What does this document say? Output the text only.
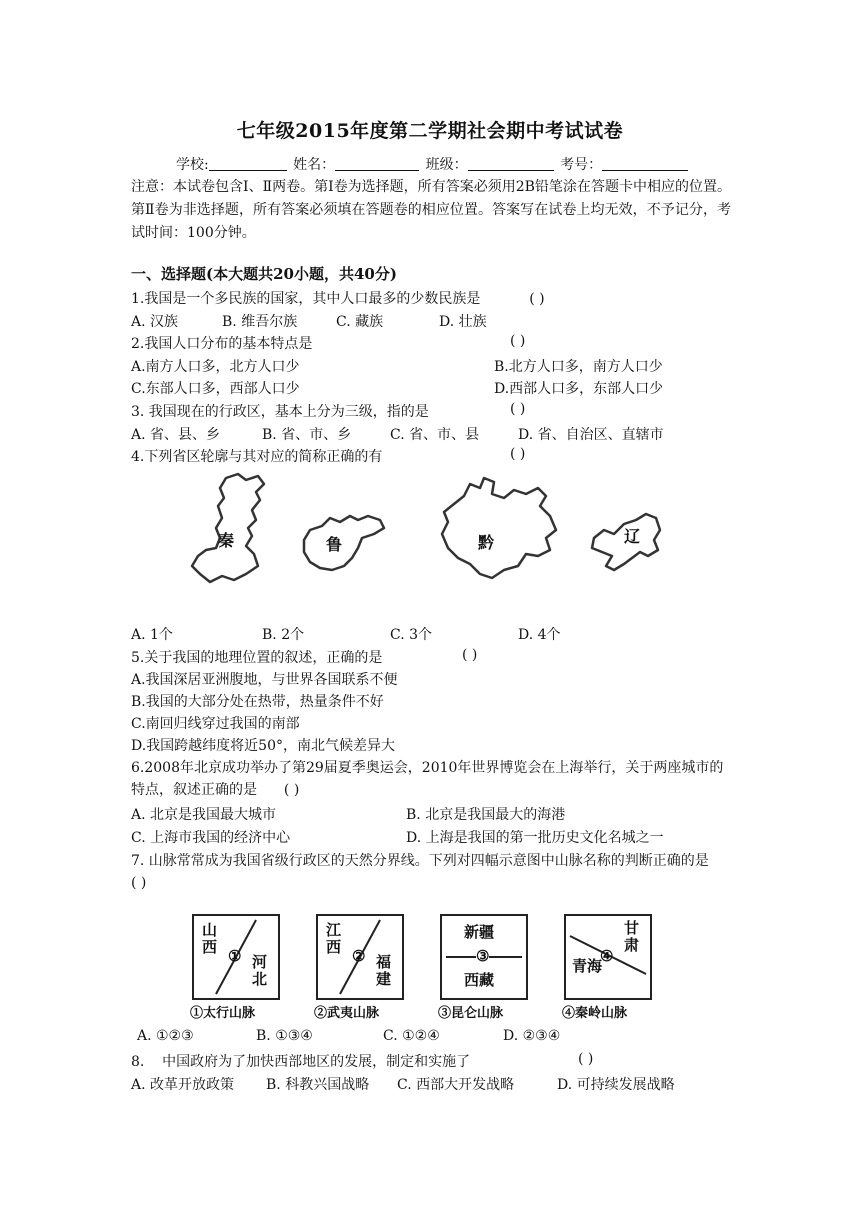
七年级2015年度第二学期社会期中考试试卷
学校:	姓名：	班级：	考号：
注意：本试卷包含Ⅰ、Ⅱ两卷。第Ⅰ卷为选择题，所有答案必须用2B铅笔涂在答题卡中相应的位置。第Ⅱ卷为非选择题，所有答案必须填在答题卷的相应位置。答案写在试卷上均无效，不予记分，考试时间：100分钟。
一、选择题(本大题共20小题，共40分)
1.我国是一个多民族的国家，其中人口最多的少数民族是	( )
A. 汉族	B. 维吾尔族	C. 藏族	D. 壮族
2.我国人口分布的基本特点是	( )
A.南方人口多，北方人口少	B.北方人口多，南方人口少
C.东部人口多，西部人口少	D.西部人口多，东部人口少
3. 我国现在的行政区，基本上分为三级，指的是	( )
A. 省、县、乡	B. 省、市、乡	C. 省、市、县	D. 省、自治区、直辖市
4.下列省区轮廓与其对应的简称正确的有	( )
秦	鲁	黔	辽
A. 1个	B. 2个	C. 3个	D. 4个
5.关于我国的地理位置的叙述，正确的是	( )
A.我国深居亚洲腹地，与世界各国联系不便
B.我国的大部分处在热带，热量条件不好
C.南回归线穿过我国的南部
D.我国跨越纬度将近50°，南北气候差异大
6.2008年北京成功举办了第29届夏季奥运会，2010年世界博览会在上海举行，关于两座城市的特点，叙述正确的是 ( )
A. 北京是我国最大城市	B. 北京是我国最大的海港
C. 上海市我国的经济中心	D. 上海是我国的第一批历史文化名城之一
7. 山脉常常成为我国省级行政区的天然分界线。下列对四幅示意图中山脉名称的判断正确的是  ( )
山西
河北
①
①太行山脉
江西
福建
②
②武夷山脉
新疆
③
西藏
③昆仑山脉
甘肃
④
青海
④秦岭山脉
A. ①②③	B. ①③④	C. ①②④	D. ②③④
8.    中国政府为了加快西部地区的发展，制定和实施了	( )
A. 改革开放政策 B. 科教兴国战略 C. 西部大开发战略	D. 可持续发展战略
